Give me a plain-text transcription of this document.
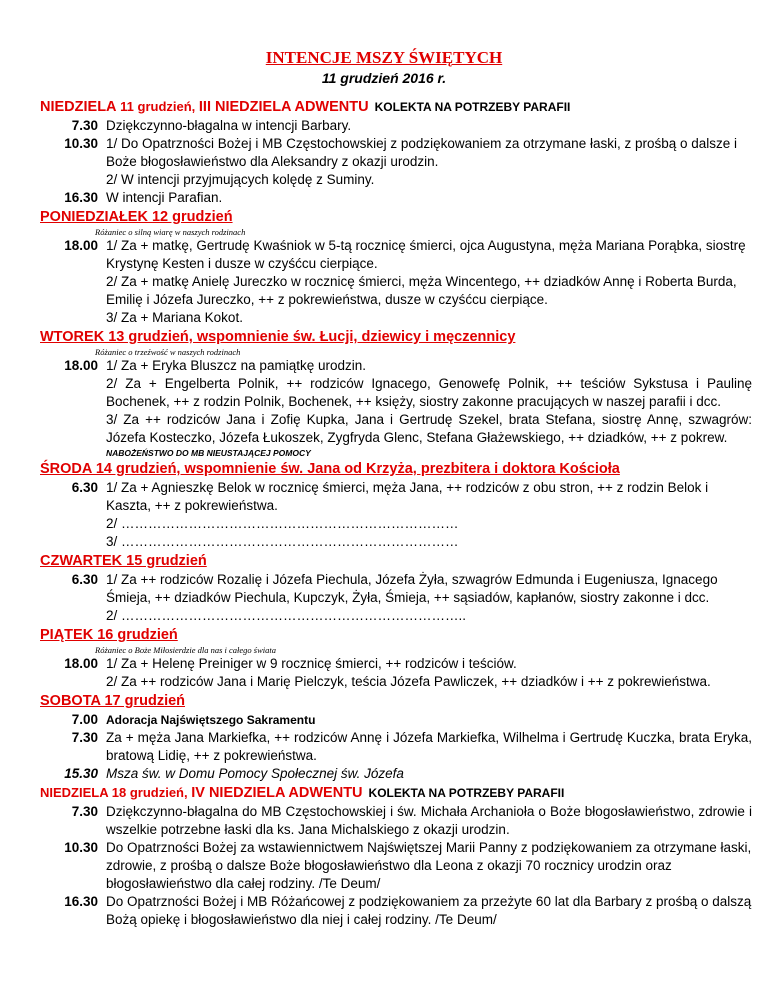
INTENCJE MSZY ŚWIĘTYCH
11 grudzień 2016 r.
NIEDZIELA 11 grudzień, III NIEDZIELA ADWENTU KOLEKTA NA POTRZEBY PARAFII
7.30 Dziękczynno-błagalna w intencji Barbary.

10.30 1/ Do Opatrzności Bożej i MB Częstochowskiej z podziękowaniem za otrzymane łaski, z prośbą o dalsze i Boże błogosławieństwo dla Aleksandry z okazji urodzin.

2/ W intencji przyjmujących kolędę z Suminy.

16.30 W intencji Parafian.

PONIEDZIAŁEK 12 grudzień
Różaniec o silną wiarę w naszych rodzinach
18.00 1/ Za + matkę, Gertrudę Kwaśniok w 5-tą rocznicę śmierci, ojca Augustyna, męża Mariana Porąbka, siostrę Krystynę Kesten i dusze w czyśćcu cierpiące.

2/ Za + matkę Anielę Jureczko w rocznicę śmierci, męża Wincentego, ++ dziadków Annę i Roberta Burda, Emilię i Józefa Jureczko, ++ z pokrewieństwa, dusze w czyśćcu cierpiące.

3/ Za + Mariana Kokot.

WTOREK 13 grudzień, wspomnienie św. Łucji, dziewicy i męczennicy
Różaniec o trzeźwość w naszych rodzinach
18.00 1/ Za + Eryka Bluszcz na pamiątkę urodzin.

2/ Za + Engelberta Polnik, ++ rodziców Ignacego, Genowefę Polnik, ++ teściów Sykstusa i Paulinę Bochenek, ++ z rodzin Polnik, Bochenek, ++ księży, siostry zakonne pracujących w naszej parafii i dcc.

3/ Za ++ rodziców Jana i Zofię Kupka, Jana i Gertrudę Szekel, brata Stefana, siostrę Annę, szwagrów: Józefa Kosteczko, Józefa Łukoszek, Zygfryda Glenc, Stefana Głażewskiego, ++ dziadków, ++ z pokrew.

NABOŻEŃSTWO DO MB NIEUSTAJĄCEJ POMOCY
ŚRODA 14 grudzień, wspomnienie św. Jana od Krzyża, prezbitera i doktora Kościoła
6.30 1/ Za + Agnieszkę Belok w rocznicę śmierci, męża Jana, ++ rodziców z obu stron, ++ z rodzin Belok i Kaszta, ++ z pokrewieństwa.

2/ …………………………………………………………………

3/ …………………………………………………………………

CZWARTEK 15 grudzień
6.30 1/ Za ++ rodziców Rozalię i Józefa Piechula, Józefa Żyła, szwagrów Edmunda i Eugeniusza, Ignacego Śmieja, ++ dziadków Piechula, Kupczyk, Żyła, Śmieja, ++ sąsiadów, kapłanów, siostry zakonne i dcc.

2/ …………………………………………………………………..

PIĄTEK 16 grudzień
Różaniec o Boże Miłosierdzie dla nas i całego świata
18.00 1/ Za + Helenę Preiniger w 9 rocznicę śmierci, ++ rodziców i teściów.

2/ Za ++ rodziców Jana i Marię Pielczyk, teścia Józefa Pawliczek, ++ dziadków i ++ z pokrewieństwa.

SOBOTA 17 grudzień
7.00 Adoracja Najświętszego Sakramentu

7.30 Za + męża Jana Markiefka, ++ rodziców Annę i Józefa Markiefka, Wilhelma i Gertrudę Kuczka, brata Eryka, bratową Lidię, ++ z pokrewieństwa.

15.30 Msza św. w Domu Pomocy Społecznej św. Józefa

NIEDZIELA 18 grudzień, IV NIEDZIELA ADWENTU KOLEKTA NA POTRZEBY PARAFII
7.30 Dziękczynno-błagalna do MB Częstochowskiej i św. Michała Archanioła o Boże błogosławieństwo, zdrowie i wszelkie potrzebne łaski dla ks. Jana Michalskiego z okazji urodzin.

10.30 Do Opatrzności Bożej za wstawiennictwem Najświętszej Marii Panny z podziękowaniem za otrzymane łaski, zdrowie, z prośbą o dalsze Boże błogosławieństwo dla Leona z okazji 70 rocznicy urodzin oraz błogosławieństwo dla całej rodziny. /Te Deum/

16.30 Do Opatrzności Bożej i MB Różańcowej z podziękowaniem za przeżyte 60 lat dla Barbary z prośbą o dalszą Bożą opiekę i błogosławieństwo dla niej i całej rodziny. /Te Deum/
